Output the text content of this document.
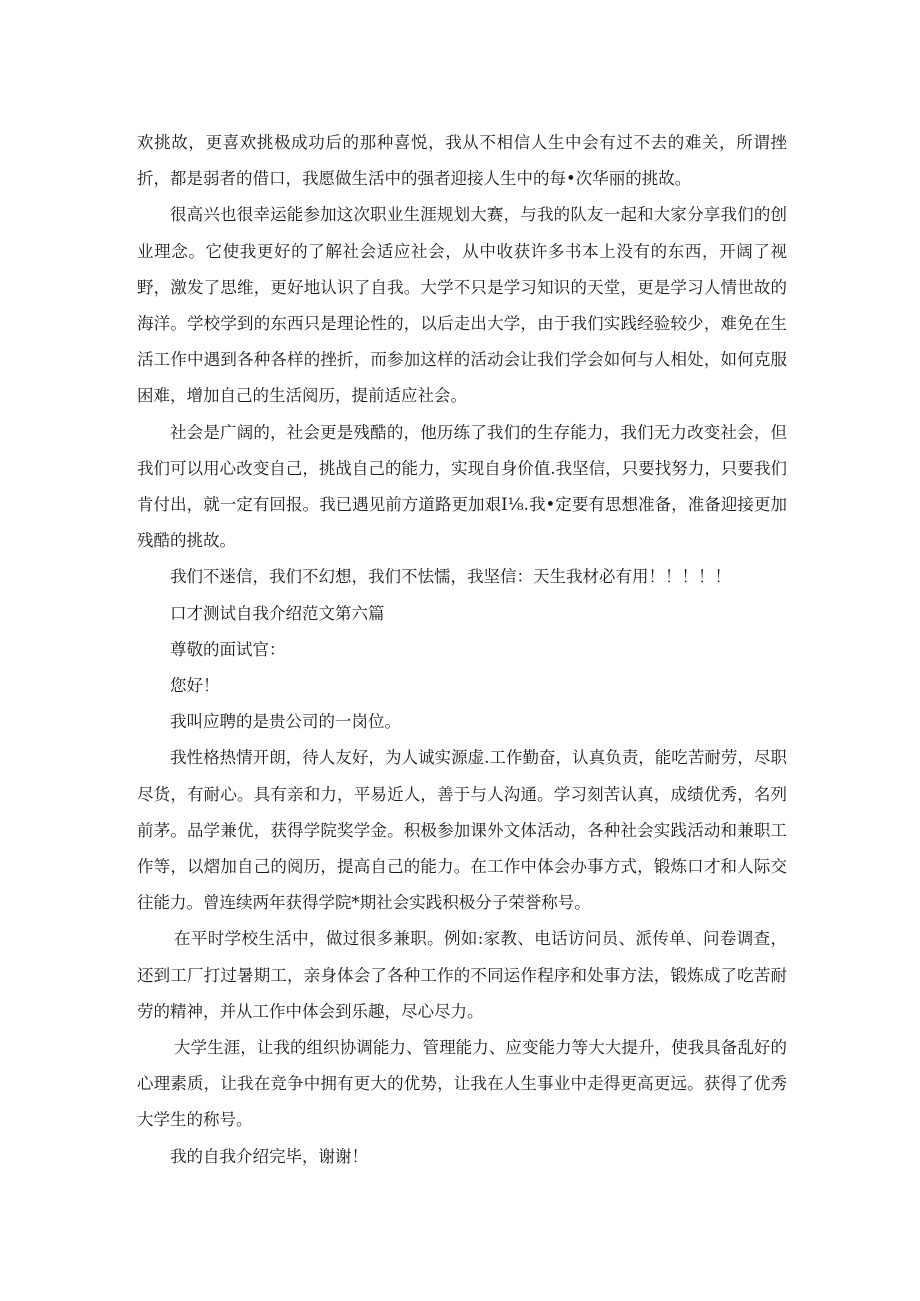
欢挑故，更喜欢挑极成功后的那种喜悦，我从不相信人生中会有过不去的难关，所谓挫折，都是弱者的借口，我愿做生活中的强者迎接人生中的每•次华丽的挑故。

很高兴也很幸运能参加这次职业生涯规划大赛，与我的队友一起和大家分享我们的创业理念。它使我更好的了解社会适应社会，从中收获许多书本上没有的东西，开阔了视野，激发了思维，更好地认识了自我。大学不只是学习知识的天堂，更是学习人情世故的海洋。学校学到的东西只是理论性的，以后走出大学，由于我们实践经验较少，难免在生活工作中遇到各种各样的挫折，而参加这样的活动会让我们学会如何与人相处，如何克服困难，增加自己的生活阅历，提前适应社会。

社会是广阔的，社会更是残酷的，他历练了我们的生存能力，我们无力改变社会，但我们可以用心改变自己，挑战自己的能力，实现自身价值.我坚信，只要找努力，只要我们肯付出，就一定有回报。我已遇见前方道路更加艰I⅛.我•定要有思想准备，准备迎接更加残酷的挑故。

我们不迷信，我们不幻想，我们不怯懦，我坚信：天生我材必有用！！！！！

口才测试自我介绍范文第六篇

尊敬的面试官：

您好！

我叫应聘的是贵公司的一岗位。

我性格热情开朗，待人友好，为人诚实源虚.工作勤奋，认真负责，能吃苦耐劳，尽职尽货，有耐心。具有亲和力，平易近人，善于与人沟通。学习刻苦认真，成绩优秀，名列前茅。品学兼优，获得学院奖学金。积极参加课外文体活动，各种社会实践活动和兼职工作等，以熠加自己的阅历，提高自己的能力。在工作中体会办事方式，锻炼口才和人际交往能力。曾连续两年获得学院*期社会实践积极分子荣誉称号。

在平时学校生活中，做过很多兼职。例如:家教、电话访问员、派传单、问卷调查，还到工厂打过暑期工，亲身体会了各种工作的不同运作程序和处事方法，锻炼成了吃苦耐劳的精神，并从工作中体会到乐趣，尽心尽力。

大学生涯，让我的组织协调能力、管理能力、应变能力等大大提升，使我具备乱好的心理素质，让我在竞争中拥有更大的优势，让我在人生事业中走得更高更远。获得了优秀大学生的称号。

我的自我介绍完毕，谢谢！
